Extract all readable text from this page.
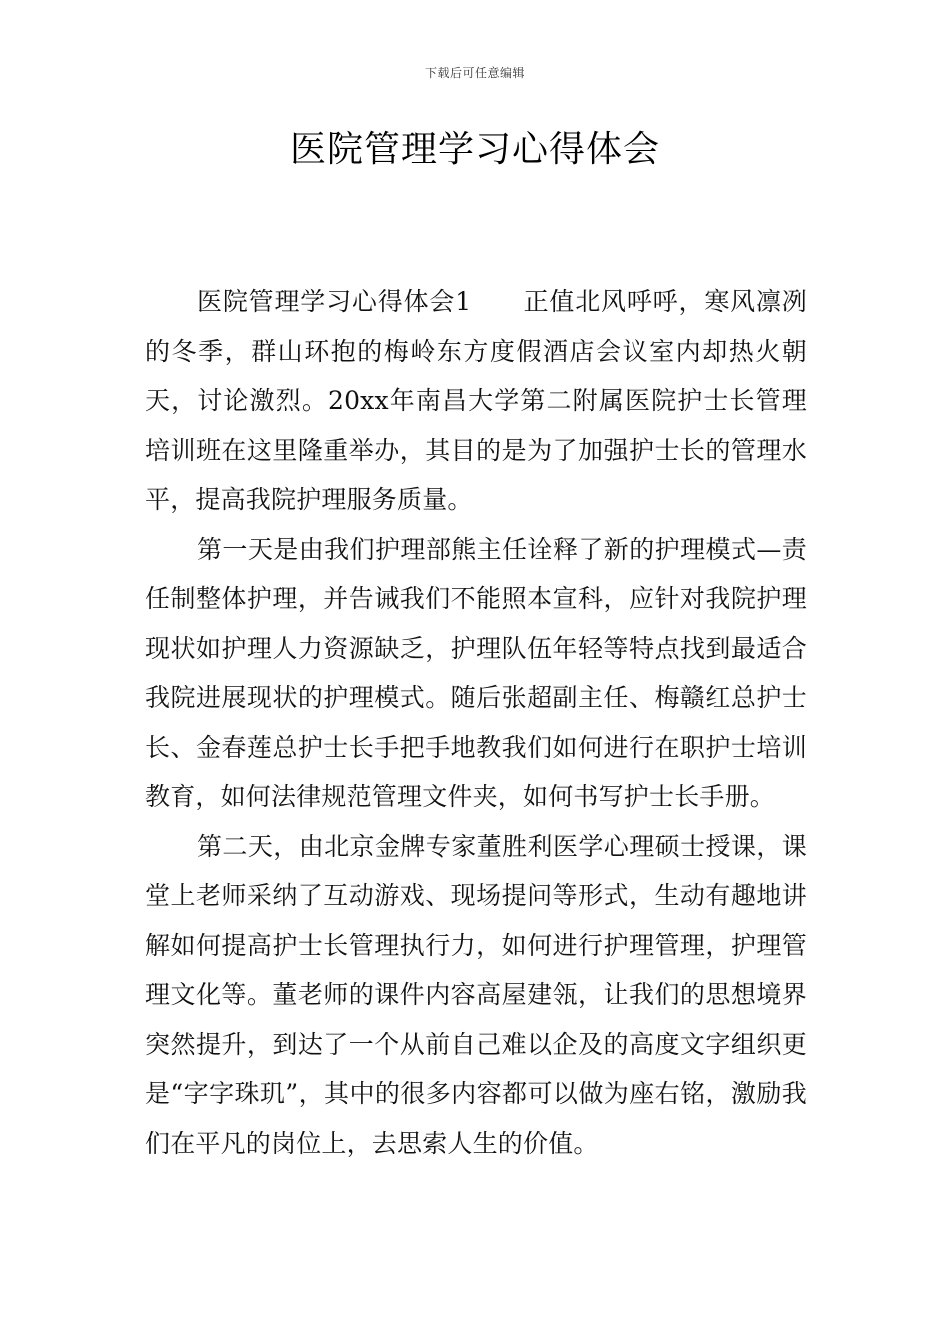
下载后可任意编辑
医院管理学习心得体会

医院管理学习心得体会1　　正值北风呼呼，寒风凛冽的冬季，群山环抱的梅岭东方度假酒店会议室内却热火朝天，讨论激烈。20xx年南昌大学第二附属医院护士长管理培训班在这里隆重举办，其目的是为了加强护士长的管理水平，提高我院护理服务质量。

第一天是由我们护理部熊主任诠释了新的护理模式—责任制整体护理，并告诫我们不能照本宣科，应针对我院护理现状如护理人力资源缺乏，护理队伍年轻等特点找到最适合我院进展现状的护理模式。随后张超副主任、梅赣红总护士长、金春莲总护士长手把手地教我们如何进行在职护士培训教育，如何法律规范管理文件夹，如何书写护士长手册。

第二天，由北京金牌专家董胜利医学心理硕士授课，课堂上老师采纳了互动游戏、现场提问等形式，生动有趣地讲解如何提高护士长管理执行力，如何进行护理管理，护理管理文化等。董老师的课件内容高屋建瓴，让我们的思想境界突然提升，到达了一个从前自己难以企及的高度文字组织更是“字字珠玑”，其中的很多内容都可以做为座右铭，激励我们在平凡的岗位上，去思索人生的价值。
